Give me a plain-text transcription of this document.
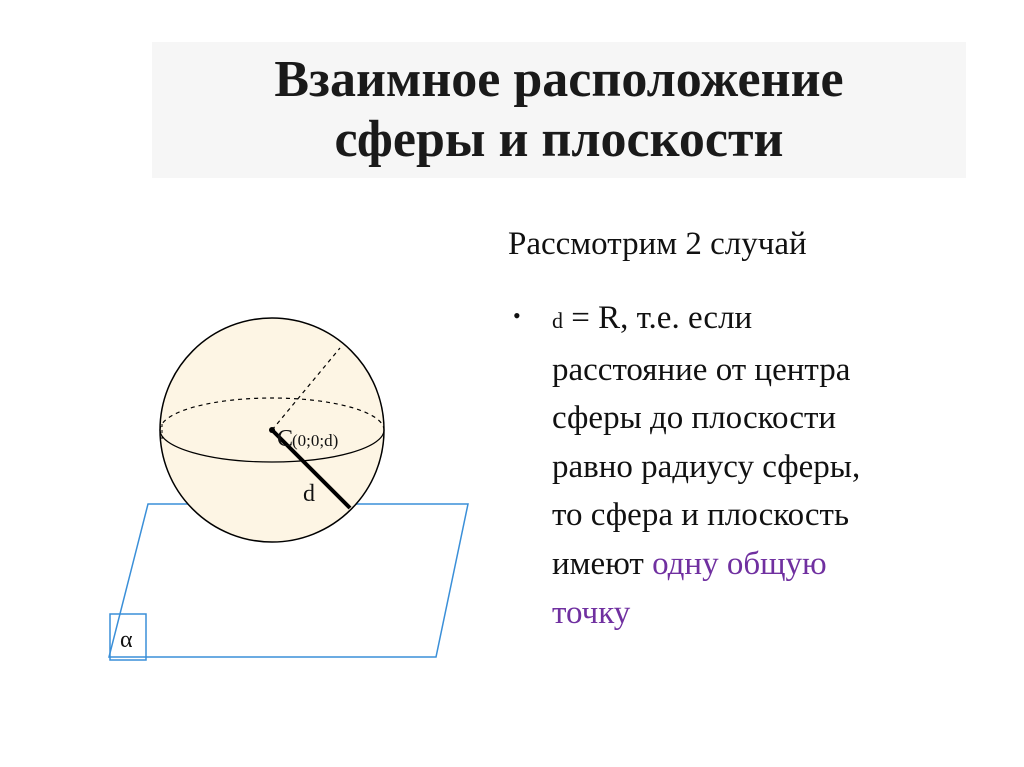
Взаимное расположение
сферы и плоскости
Рассмотрим 2 случай
• d = R, т.е. если
расстояние от центра
сферы до плоскости
равно радиусу сферы,
то сфера и плоскость
имеют одну общую
точку
α
C
(0;0;d)
d
